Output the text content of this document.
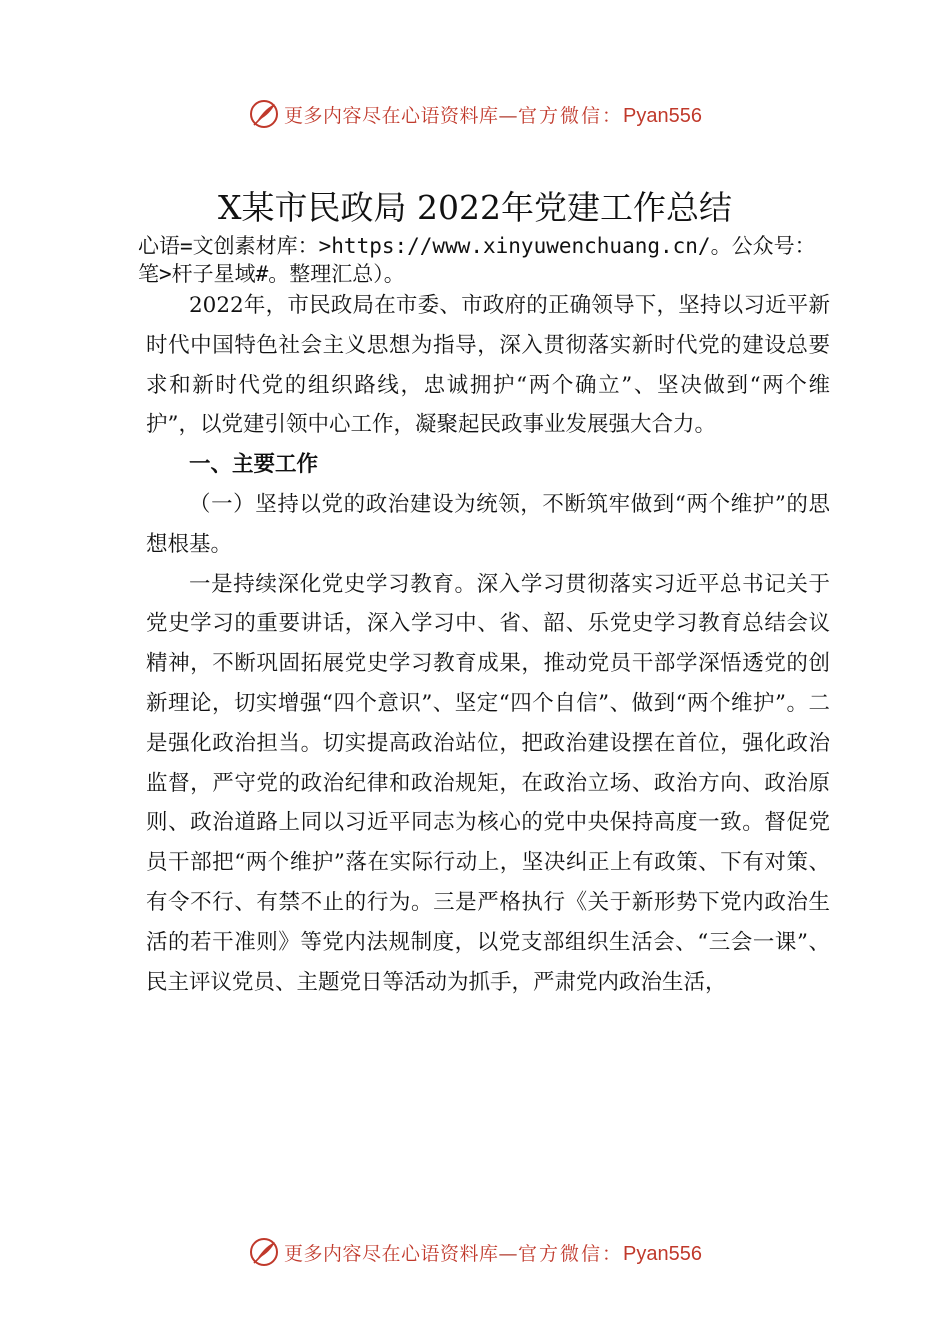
更多内容尽在心语资料库—官方微信：Pyan556
X某市民政局 2022年党建工作总结
心语=文创素材库：>https://www.xinyuwenchuang.cn/。公众号：笔>杆子星域#。整理汇总）。

2022年，市民政局在市委、市政府的正确领导下，坚持以习近平新时代中国特色社会主义思想为指导，深入贯彻落实新时代党的建设总要求和新时代党的组织路线，忠诚拥护“两个确立”、坚决做到“两个维护”，以党建引领中心工作，凝聚起民政事业发展强大合力。

一、主要工作

（一）坚持以党的政治建设为统领，不断筑牢做到“两个维护”的思想根基。

一是持续深化党史学习教育。深入学习贯彻落实习近平总书记关于党史学习的重要讲话，深入学习中、省、韶、乐党史学习教育总结会议精神，不断巩固拓展党史学习教育成果，推动党员干部学深悟透党的创新理论，切实增强“四个意识”、坚定“四个自信”、做到“两个维护”。二是强化政治担当。切实提高政治站位，把政治建设摆在首位，强化政治监督，严守党的政治纪律和政治规矩，在政治立场、政治方向、政治原则、政治道路上同以习近平同志为核心的党中央保持高度一致。督促党员干部把“两个维护”落在实际行动上，坚决纠正上有政策、下有对策、有令不行、有禁不止的行为。三是严格执行《关于新形势下党内政治生活的若干准则》等党内法规制度，以党支部组织生活会、“三会一课”、 民主评议党员、主题党日等活动为抓手，严肃党内政治生活，

更多内容尽在心语资料库—官方微信：Pyan556
